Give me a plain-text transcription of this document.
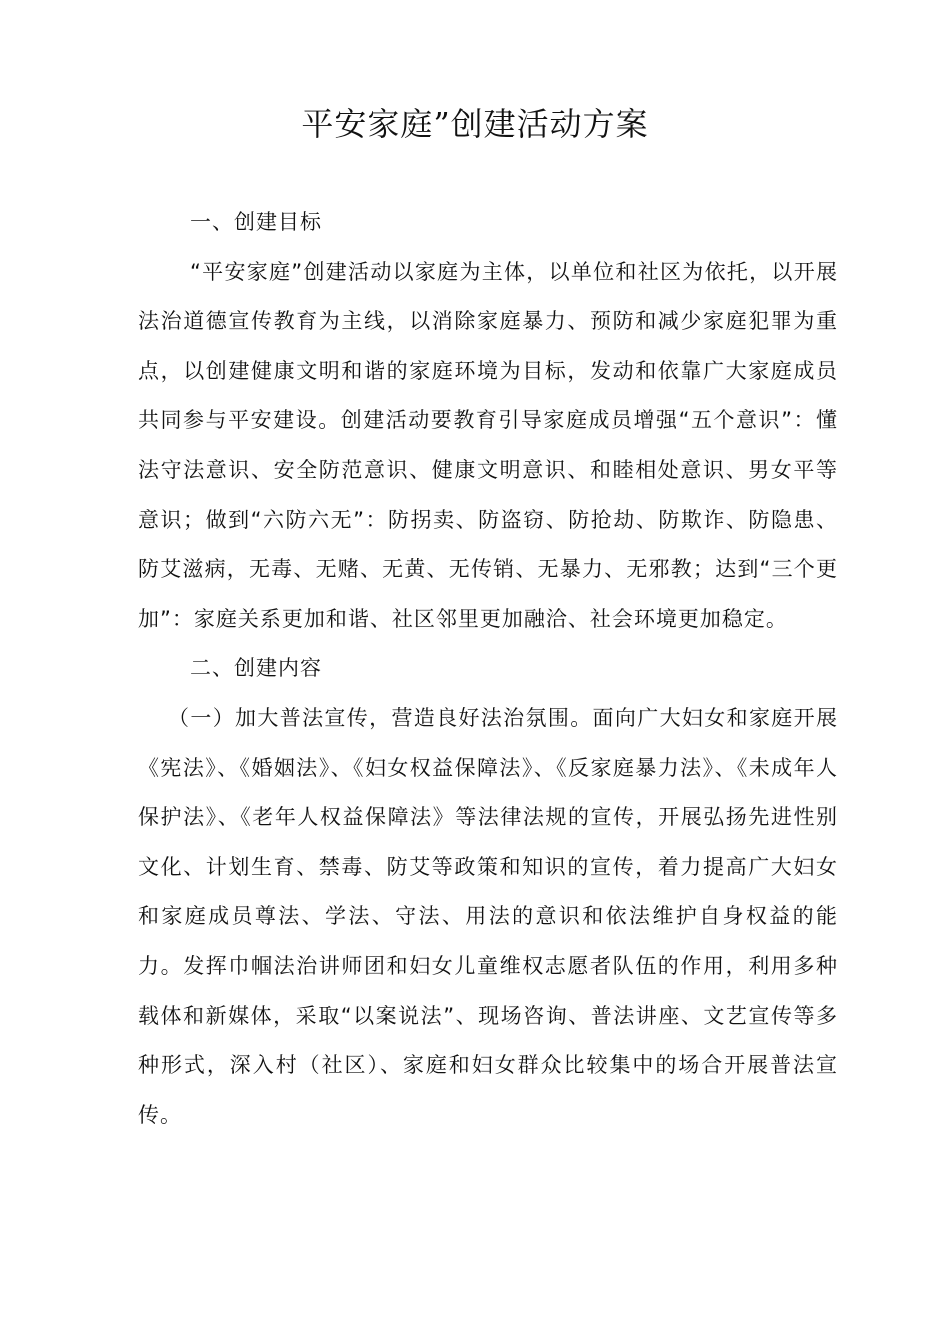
平安家庭”创建活动方案
一、创建目标

“平安家庭”创建活动以家庭为主体，以单位和社区为依托，以开展法治道德宣传教育为主线，以消除家庭暴力、预防和减少家庭犯罪为重点，以创建健康文明和谐的家庭环境为目标，发动和依靠广大家庭成员共同参与平安建设。创建活动要教育引导家庭成员增强“五个意识”：懂法守法意识、安全防范意识、健康文明意识、和睦相处意识、男女平等意识；做到“六防六无”：防拐卖、防盗窃、防抢劫、防欺诈、防隐患、防艾滋病，无毒、无赌、无黄、无传销、无暴力、无邪教；达到“三个更加”：家庭关系更加和谐、社区邻里更加融洽、社会环境更加稳定。

二、创建内容

（一）加大普法宣传，营造良好法治氛围。面向广大妇女和家庭开展《宪法》、《婚姻法》、《妇女权益保障法》、《反家庭暴力法》、《未成年人保护法》、《老年人权益保障法》等法律法规的宣传，开展弘扬先进性别文化、计划生育、禁毒、防艾等政策和知识的宣传，着力提高广大妇女和家庭成员尊法、学法、守法、用法的意识和依法维护自身权益的能力。发挥巾帼法治讲师团和妇女儿童维权志愿者队伍的作用，利用多种载体和新媒体，采取“以案说法”、现场咨询、普法讲座、文艺宣传等多种形式，深入村（社区）、家庭和妇女群众比较集中的场合开展普法宣传。
